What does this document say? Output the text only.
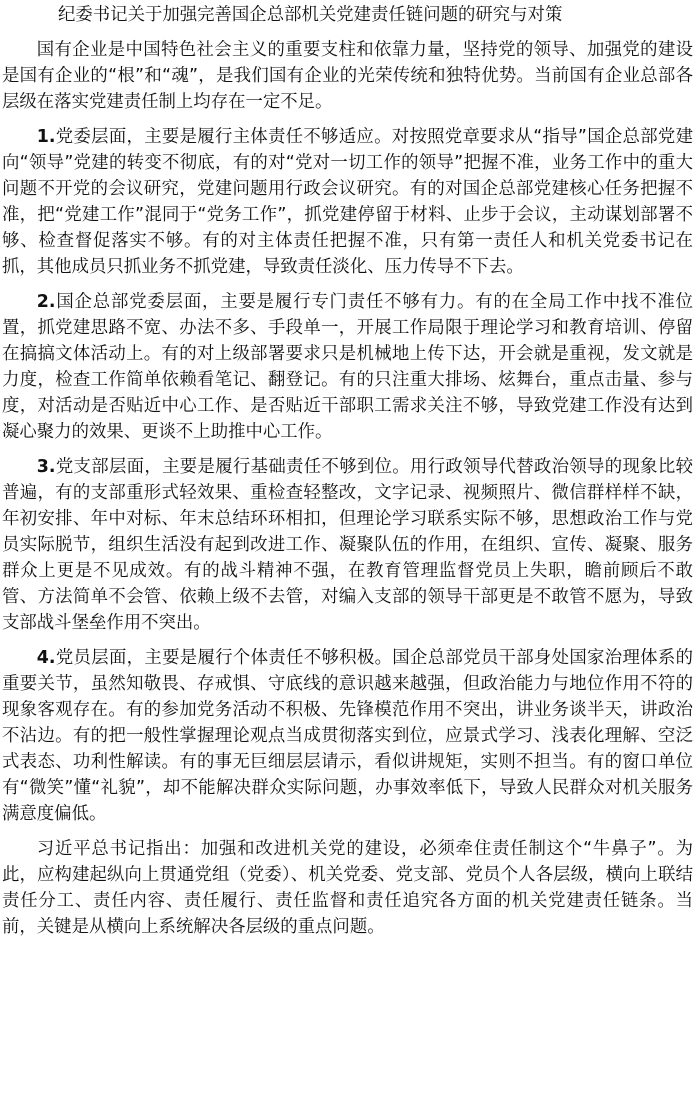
纪委书记关于加强完善国企总部机关党建责任链问题的研究与对策

国有企业是中国特色社会主义的重要支柱和依靠力量，坚持党的领导、加强党的建设是国有企业的“根”和“魂”，是我们国有企业的光荣传统和独特优势。当前国有企业总部各层级在落实党建责任制上均存在一定不足。

1.党委层面，主要是履行主体责任不够适应。对按照党章要求从“指导”国企总部党建向“领导”党建的转变不彻底，有的对“党对一切工作的领导”把握不准，业务工作中的重大问题不开党的会议研究，党建问题用行政会议研究。有的对国企总部党建核心任务把握不准，把“党建工作”混同于“党务工作”，抓党建停留于材料、止步于会议，主动谋划部署不够、检查督促落实不够。有的对主体责任把握不准，只有第一责任人和机关党委书记在抓，其他成员只抓业务不抓党建，导致责任淡化、压力传导不下去。

2.国企总部党委层面，主要是履行专门责任不够有力。有的在全局工作中找不准位置，抓党建思路不宽、办法不多、手段单一，开展工作局限于理论学习和教育培训、停留在搞搞文体活动上。有的对上级部署要求只是机械地上传下达，开会就是重视，发文就是力度，检查工作简单依赖看笔记、翻登记。有的只注重大排场、炫舞台，重点击量、参与度，对活动是否贴近中心工作、是否贴近干部职工需求关注不够，导致党建工作没有达到凝心聚力的效果、更谈不上助推中心工作。

3.党支部层面，主要是履行基础责任不够到位。用行政领导代替政治领导的现象比较普遍，有的支部重形式轻效果、重检查轻整改，文字记录、视频照片、微信群样样不缺，年初安排、年中对标、年末总结环环相扣，但理论学习联系实际不够，思想政治工作与党员实际脱节，组织生活没有起到改进工作、凝聚队伍的作用，在组织、宣传、凝聚、服务群众上更是不见成效。有的战斗精神不强，在教育管理监督党员上失职，瞻前顾后不敢管、方法简单不会管、依赖上级不去管，对编入支部的领导干部更是不敢管不愿为，导致支部战斗堡垒作用不突出。

4.党员层面，主要是履行个体责任不够积极。国企总部党员干部身处国家治理体系的重要关节，虽然知敬畏、存戒惧、守底线的意识越来越强，但政治能力与地位作用不符的现象客观存在。有的参加党务活动不积极、先锋模范作用不突出，讲业务谈半天，讲政治不沾边。有的把一般性掌握理论观点当成贯彻落实到位，应景式学习、浅表化理解、空泛式表态、功利性解读。有的事无巨细层层请示，看似讲规矩，实则不担当。有的窗口单位有“微笑”懂“礼貌”，却不能解决群众实际问题，办事效率低下，导致人民群众对机关服务满意度偏低。

习近平总书记指出：加强和改进机关党的建设，必须牵住责任制这个“牛鼻子”。为此，应构建起纵向上贯通党组（党委）、机关党委、党支部、党员个人各层级，横向上联结责任分工、责任内容、责任履行、责任监督和责任追究各方面的机关党建责任链条。当前，关键是从横向上系统解决各层级的重点问题。
